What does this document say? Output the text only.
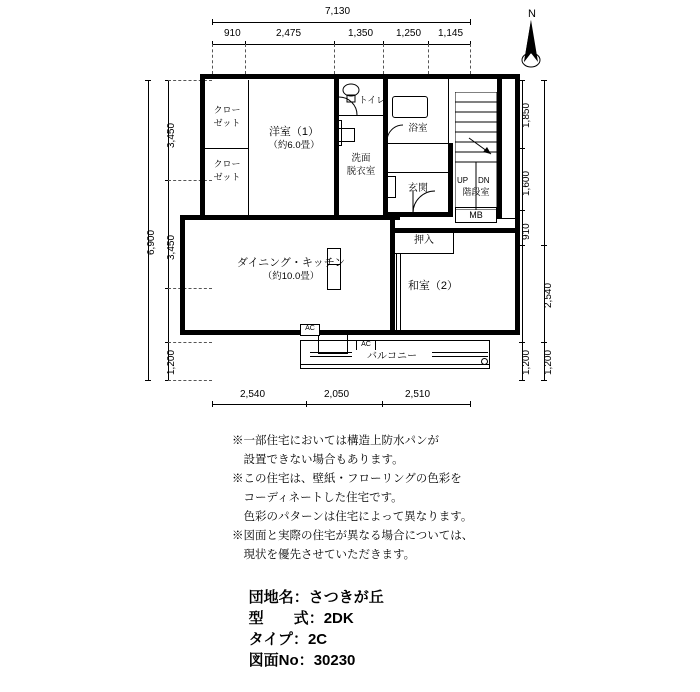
N
7,130
910	2,475	1,350 1,250 1,145
6,900
3,450
3,450
1,200
1,850
1,600
910
1,200
2,540
1,200
2,540	2,050	2,510
AC
AC
クロー
ゼット
クロー
ゼット
洋室（1）
（約6.0畳）
トイレ
浴室
洗面
脱衣室
玄関	階段室
UP DN
MB
押入
ダイニング・キッチン
（約10.0畳）
和室（2）
バルコニー
※一部住宅においては構造上防水パンが
　設置できない場合もあります。
※この住宅は、壁紙・フローリングの色彩を
　コーディネートした住宅です。
　色彩のパターンは住宅によって異なります。
※図面と実際の住宅が異なる場合については、
　現状を優先させていただきます。

団地名：さつきが丘

型　　式：2DK

タイプ：2C

図面No：30230
